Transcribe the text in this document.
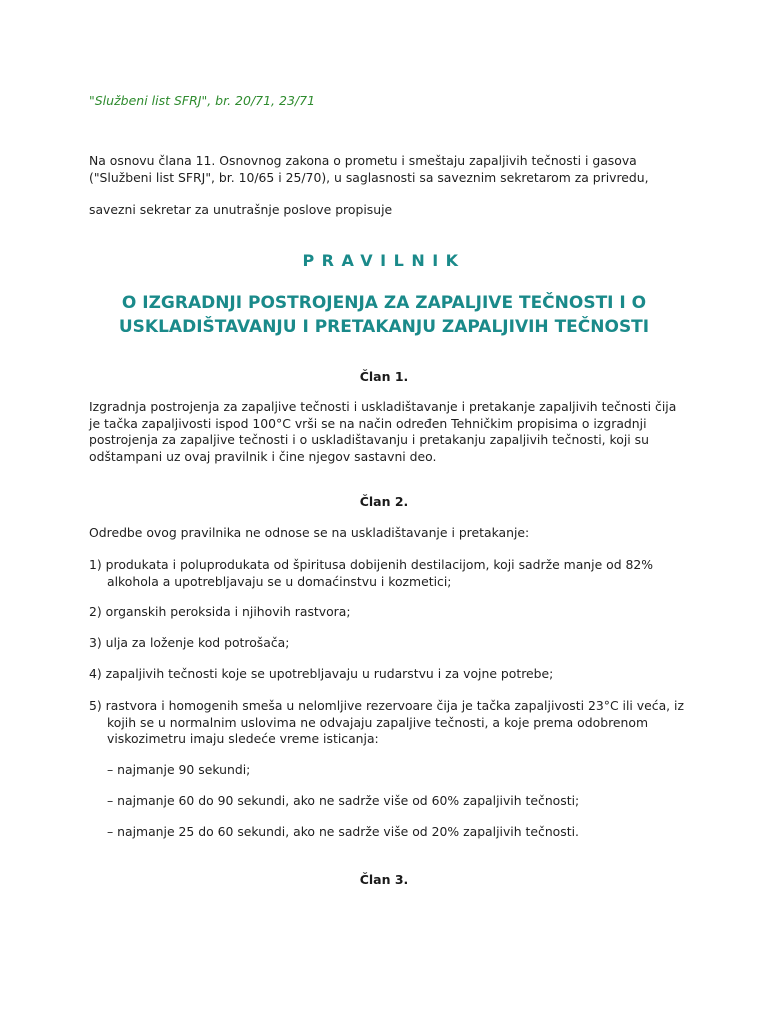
"Službeni list SFRJ", br. 20/71, 23/71

Na osnovu člana 11. Osnovnog zakona o prometu i smeštaju zapaljivih tečnosti i gasova ("Službeni list SFRJ", br. 10/65 i 25/70), u saglasnosti sa saveznim sekretarom za privredu,

savezni sekretar za unutrašnje poslove propisuje

PRAVILNIK
O IZGRADNJI POSTROJENJA ZA ZAPALJIVE TEČNOSTI I O USKLADIŠTAVANJU I PRETAKANJU ZAPALJIVIH TEČNOSTI
Član 1.

Izgradnja postrojenja za zapaljive tečnosti i uskladištavanje i pretakanje zapaljivih tečnosti čija je tačka zapaljivosti ispod 100°C vrši se na način određen Tehničkim propisima o izgradnji postrojenja za zapaljive tečnosti i o uskladištavanju i pretakanju zapaljivih tečnosti, koji su odštampani uz ovaj pravilnik i čine njegov sastavni deo.

Član 2.

Odredbe ovog pravilnika ne odnose se na uskladištavanje i pretakanje:

1) produkata i poluprodukata od špiritusa dobijenih destilacijom, koji sadrže manje od 82% alkohola a upotrebljavaju se u domaćinstvu i kozmetici;

2) organskih peroksida i njihovih rastvora;

3) ulja za loženje kod potrošača;

4) zapaljivih tečnosti koje se upotrebljavaju u rudarstvu i za vojne potrebe;

5) rastvora i homogenih smeša u nelomljive rezervoare čija je tačka zapaljivosti 23°C ili veća, iz kojih se u normalnim uslovima ne odvajaju zapaljive tečnosti, a koje prema odobrenom viskozimetru imaju sledeće vreme isticanja:

– najmanje 90 sekundi;

– najmanje 60 do 90 sekundi, ako ne sadrže više od 60% zapaljivih tečnosti;

– najmanje 25 do 60 sekundi, ako ne sadrže više od 20% zapaljivih tečnosti.

Član 3.
